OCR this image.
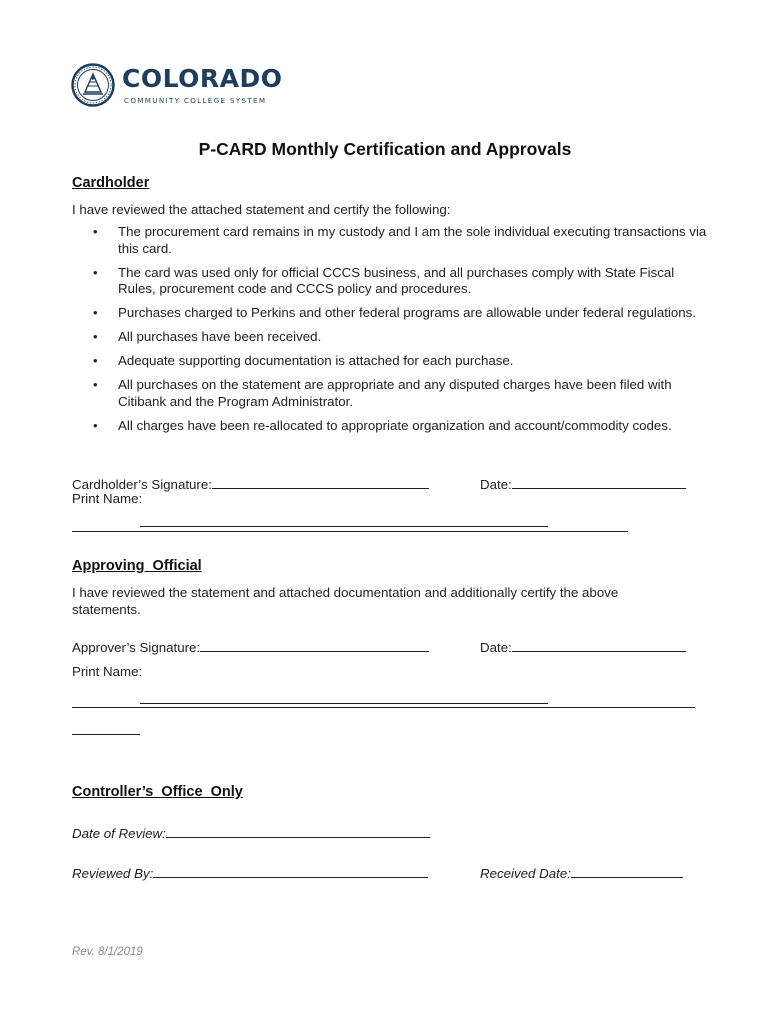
COLORADO
COMMUNITY COLLEGE SYSTEM
P-CARD Monthly Certification and Approvals
Cardholder
I have reviewed the attached statement and certify the following:
• The procurement card remains in my custody and I am the sole individual executing transactions via this card.
• The card was used only for official CCCS business, and all purchases comply with State Fiscal Rules, procurement code and CCCS policy and procedures.
• Purchases charged to Perkins and other federal programs are allowable under federal regulations.
• All purchases have been received.
• Adequate supporting documentation is attached for each purchase.
• All purchases on the statement are appropriate and any disputed charges have been filed with Citibank and the Program Administrator.
• All charges have been re-allocated to appropriate organization and account/commodity codes.
Cardholder’s Signature:	Date:
Print Name:
Approving  Official
I have reviewed the statement and attached documentation and additionally certify the above statements.
Approver’s Signature:	Date:
Print Name:
Controller’s  Office  Only
Date of Review:
Reviewed By:	Received Date:
Rev. 8/1/2019
